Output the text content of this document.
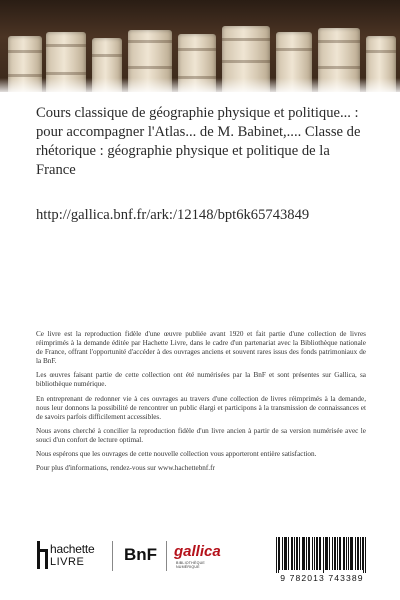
Cours classique de géographie physique et politique... : pour accompagner l'Atlas... de M. Babinet,.... Classe de rhétorique : géographie physique et politique de la France

http://gallica.bnf.fr/ark:/12148/bpt6k65743849

Ce livre est la reproduction fidèle d'une œuvre publiée avant 1920 et fait partie d'une collection de livres réimprimés à la demande éditée par Hachette Livre, dans le cadre d'un partenariat avec la Bibliothèque nationale de France, offrant l'opportunité d'accéder à des ouvrages anciens et souvent rares issus des fonds patrimoniaux de la BnF.

Les œuvres faisant partie de cette collection ont été numérisées par la BnF et sont présentes sur Gallica, sa bibliothèque numérique.

En entreprenant de redonner vie à ces ouvrages au travers d'une collection de livres réimprimés à la demande, nous leur donnons la possibilité de rencontrer un public élargi et participons à la transmission de connaissances et de savoirs parfois difficilement accessibles.

Nous avons cherché à concilier la reproduction fidèle d'un livre ancien à partir de sa version numérisée avec le souci d'un confort de lecture optimal.

Nous espérons que les ouvrages de cette nouvelle collection vous apporteront entière satisfaction.

Pour plus d'informations, rendez-vous sur www.hachettebnf.fr

hachette
LIVRE BnF gallica
BIBLIOTHÈQUE NUMÉRIQUE
9 782013 743389
